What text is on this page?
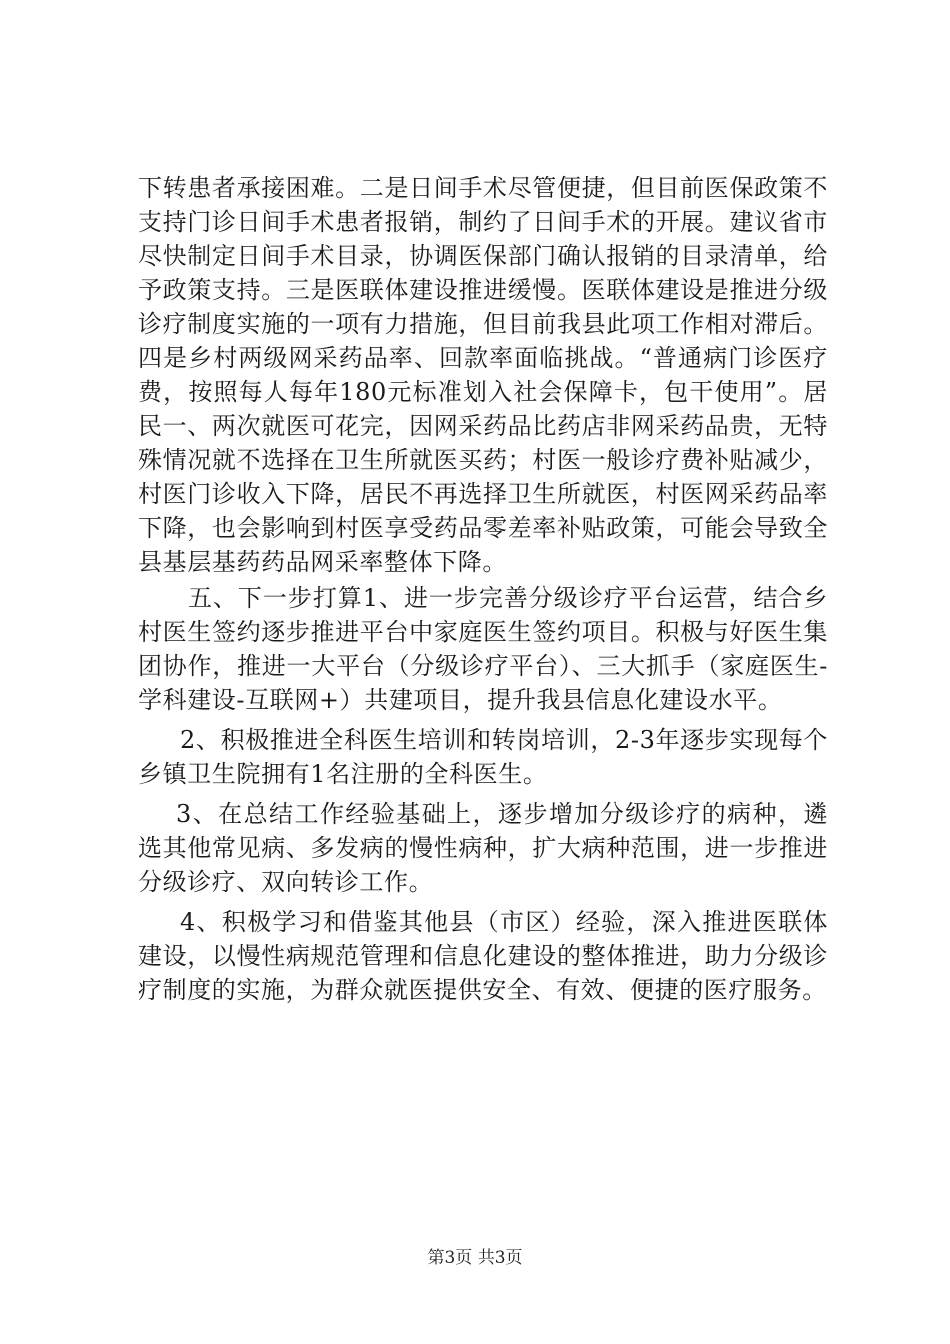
下转患者承接困难。二是日间手术尽管便捷，但目前医保政策不支持门诊日间手术患者报销，制约了日间手术的开展。建议省市尽快制定日间手术目录，协调医保部门确认报销的目录清单，给予政策支持。三是医联体建设推进缓慢。医联体建设是推进分级诊疗制度实施的一项有力措施，但目前我县此项工作相对滞后。四是乡村两级网采药品率、回款率面临挑战。“普通病门诊医疗费，按照每人每年180元标准划入社会保障卡，包干使用”。居民一、两次就医可花完，因网采药品比药店非网采药品贵，无特殊情况就不选择在卫生所就医买药；村医一般诊疗费补贴减少，村医门诊收入下降，居民不再选择卫生所就医，村医网采药品率下降，也会影响到村医享受药品零差率补贴政策，可能会导致全县基层基药药品网采率整体下降。

五、下一步打算1、进一步完善分级诊疗平台运营，结合乡村医生签约逐步推进平台中家庭医生签约项目。积极与好医生集团协作，推进一大平台（分级诊疗平台）、三大抓手（家庭医生-学科建设-互联网+）共建项目，提升我县信息化建设水平。

2、积极推进全科医生培训和转岗培训，2-3年逐步实现每个乡镇卫生院拥有1名注册的全科医生。

3、在总结工作经验基础上，逐步增加分级诊疗的病种，遴选其他常见病、多发病的慢性病种，扩大病种范围，进一步推进分级诊疗、双向转诊工作。

4、积极学习和借鉴其他县（市区）经验，深入推进医联体建设，以慢性病规范管理和信息化建设的整体推进，助力分级诊疗制度的实施，为群众就医提供安全、有效、便捷的医疗服务。

第3页 共3页
